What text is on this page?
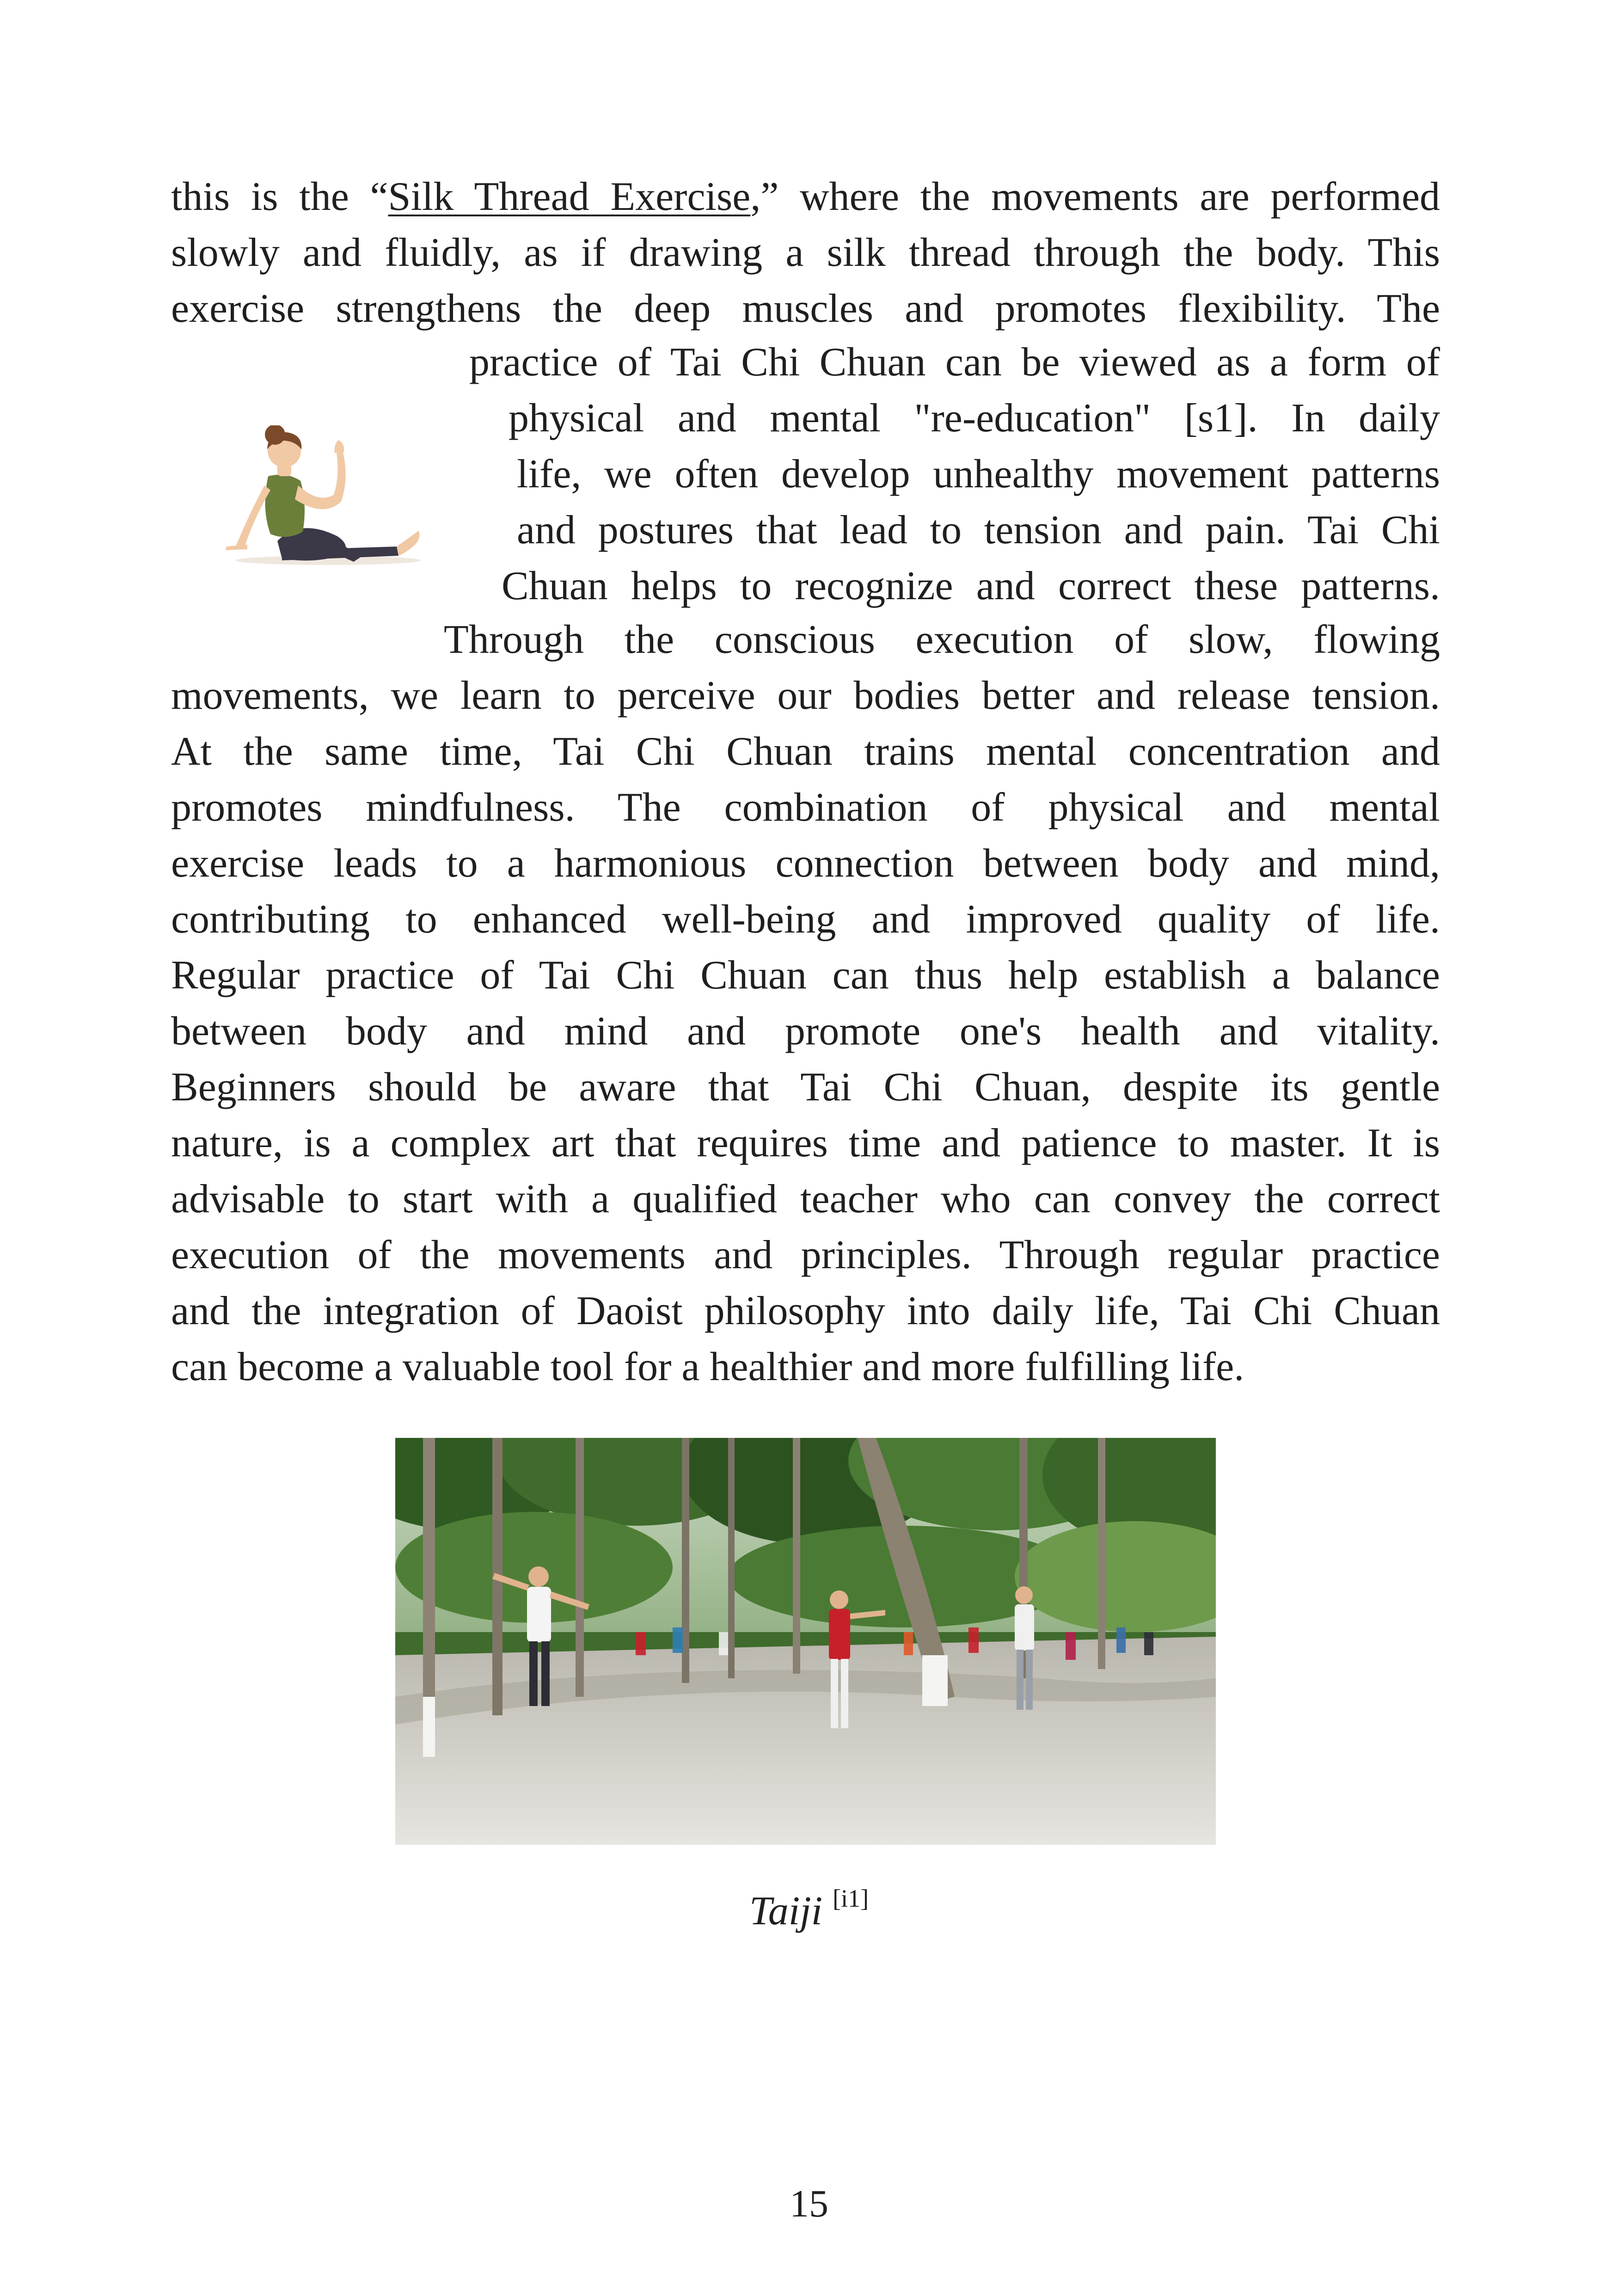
this is the “Silk Thread Exercise,” where the movements are performed
slowly and fluidly, as if drawing a silk thread through the body. This
exercise strengthens the deep muscles and promotes flexibility. The
practice of Tai Chi Chuan can be viewed as a form of
physical and mental "re-education" [s1]. In daily
life, we often develop unhealthy movement patterns
and postures that lead to tension and pain. Tai Chi
Chuan helps to recognize and correct these patterns.
Through the conscious execution of slow, flowing
movements, we learn to perceive our bodies better and release tension.
At the same time, Tai Chi Chuan trains mental concentration and
promotes mindfulness. The combination of physical and mental
exercise leads to a harmonious connection between body and mind,
contributing to enhanced well-being and improved quality of life.
Regular practice of Tai Chi Chuan can thus help establish a balance
between body and mind and promote one's health and vitality.
Beginners should be aware that Tai Chi Chuan, despite its gentle
nature, is a complex art that requires time and patience to master. It is
advisable to start with a qualified teacher who can convey the correct
execution of the movements and principles. Through regular practice
and the integration of Daoist philosophy into daily life, Tai Chi Chuan
can become a valuable tool for a healthier and more fulfilling life.
Taiji [i1]
15
